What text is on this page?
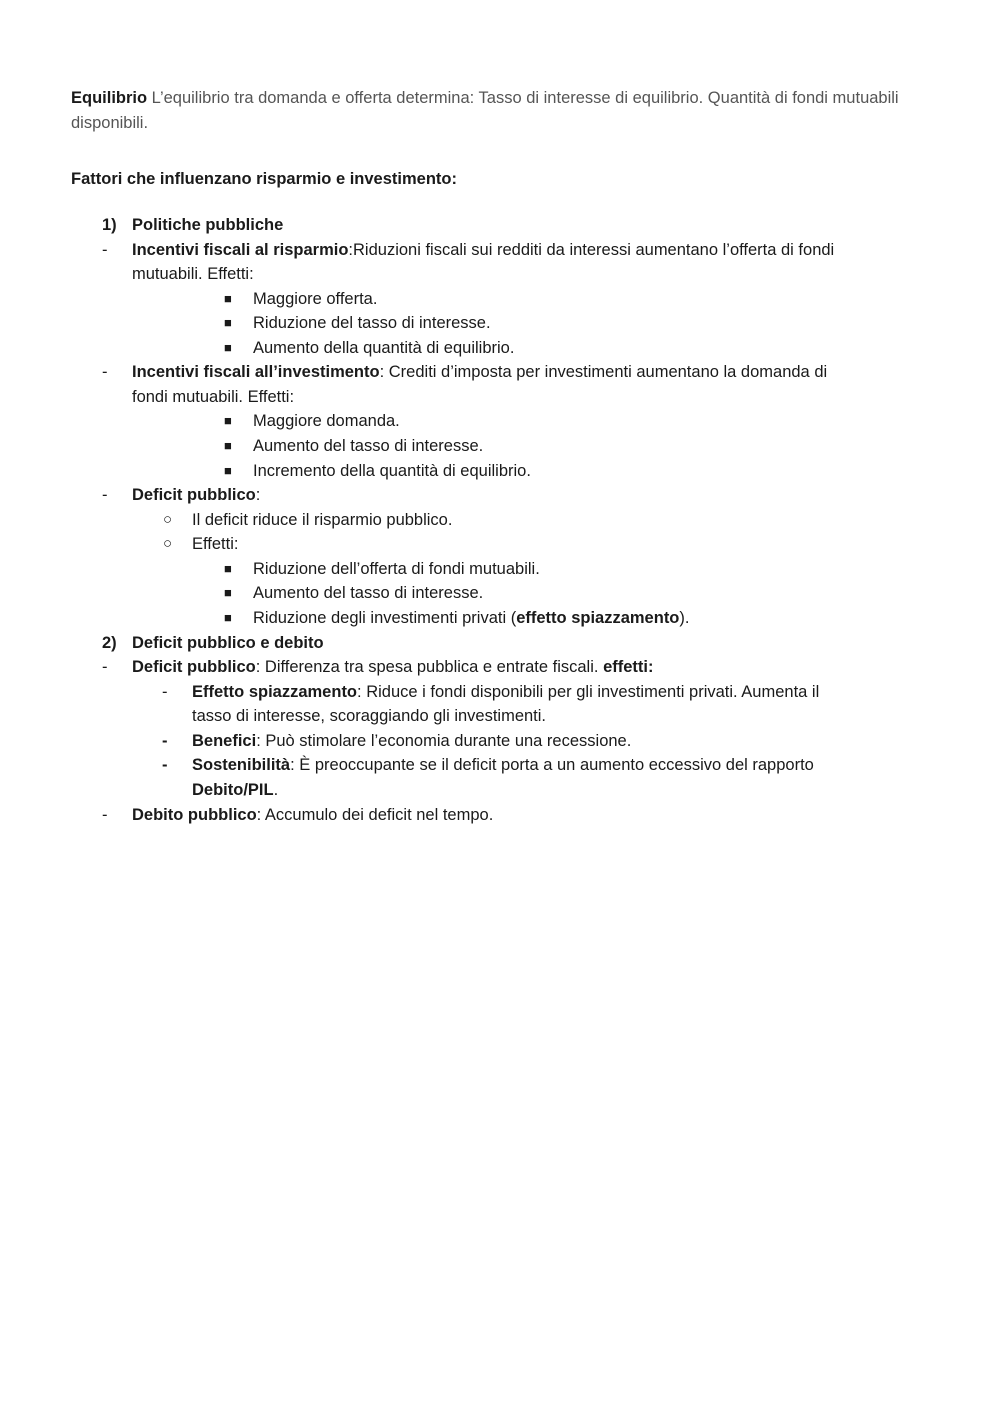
Equilibrio L’equilibrio tra domanda e offerta determina: Tasso di interesse di equilibrio. Quantità di fondi mutuabili disponibili.
Fattori che influenzano risparmio e investimento:
1) Politiche pubbliche
- Incentivi fiscali al risparmio:Riduzioni fiscali sui redditi da interessi aumentano l’offerta di fondi
mutuabili. Effetti:
■ Maggiore offerta.
■ Riduzione del tasso di interesse.
■ Aumento della quantità di equilibrio.
- Incentivi fiscali all’investimento: Crediti d’imposta per investimenti aumentano la domanda di
fondi mutuabili. Effetti:
■ Maggiore domanda.
■ Aumento del tasso di interesse.
■ Incremento della quantità di equilibrio.
- Deficit pubblico:
○ Il deficit riduce il risparmio pubblico.
○ Effetti:
■ Riduzione dell’offerta di fondi mutuabili.
■ Aumento del tasso di interesse.
■ Riduzione degli investimenti privati (effetto spiazzamento).
2) Deficit pubblico e debito
- Deficit pubblico: Differenza tra spesa pubblica e entrate fiscali. effetti:
- Effetto spiazzamento: Riduce i fondi disponibili per gli investimenti privati. Aumenta il
tasso di interesse, scoraggiando gli investimenti.
- Benefici: Può stimolare l’economia durante una recessione.
- Sostenibilità: È preoccupante se il deficit porta a un aumento eccessivo del rapporto
Debito/PIL.
- Debito pubblico: Accumulo dei deficit nel tempo.
